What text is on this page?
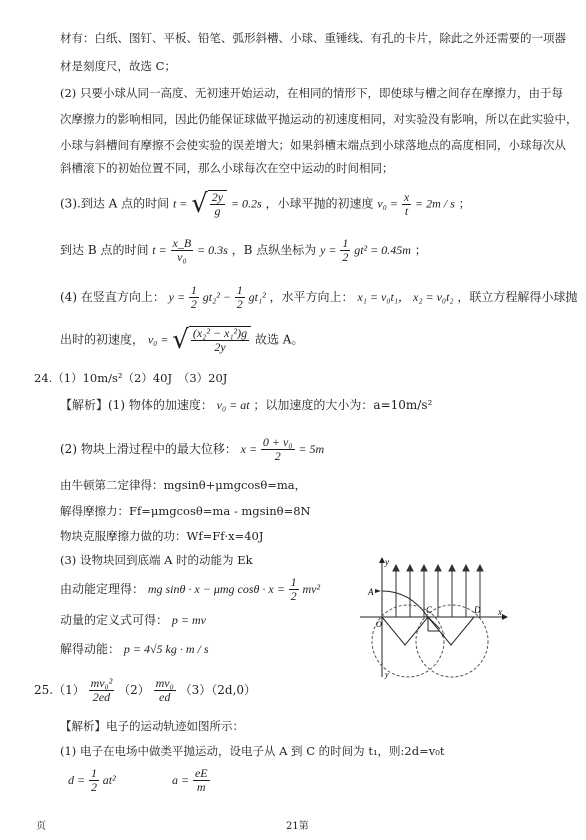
材有：白纸、图钉、平板、铅笔、弧形斜槽、小球、重锤线、有孔的卡片，除此之外还需要的一项器
材是刻度尺，故选 C；
(2) 只要小球从同一高度、无初速开始运动，在相同的情形下，即使球与槽之间存在摩擦力，由于每
次摩擦力的影响相同，因此仍能保证球做平抛运动的初速度相同，对实验没有影响，所以在此实验中，
小球与斜槽间有摩擦不会使实验的误差增大；如果斜槽末端点到小球落地点的高度相同，小球每次从
斜槽滚下的初始位置不同，那么小球每次在空中运动的时间相同；
(3).到达 A 点的时间 t = √ $\frac{2y}{g} = 0.2s$ ，小球平抛的初速度 $v_0 = \frac{x}{t} = 2m / s$ ；
到达 B 点的时间 $t = \frac{x\_B}{\text{v₀}} = 0.3s$ ，B 点纵坐标为 $y = \frac{1}{2} gt^2 = 0.45m$ ；
(4) 在竖直方向上： $y = \frac{1}{2} gt_2^2 - \frac{1}{2} gt_1^2$ ，水平方向上： x₁ = v₀t₁， x₂ = v₀t₂ ，联立方程解得小球抛
出时的初速度， v₀ = √ $\frac{\text{(x₂² − x₁²)g}}{2y}$ 故选 A。
24.（1）10m/s²（2）40J　（3）20J
【解析】(1) 物体的加速度： v₀ = at ；以加速度的大小为：a=10m/s²
(2) 物块上滑过程中的最大位移： $x = \frac{\text{0 + v₀}}{2} = 5m$
由牛顿第二定律得：mgsinθ+μmgcosθ=ma，
解得摩擦力：Ff=μmgcosθ=ma - mgsinθ=8N
物块克服摩擦力做的功：Wf=Ff·x=40J
(3) 设物块回到底端 A 时的动能为 Ek
由动能定理得： mg sinθ · x − μmg $\cos\theta \cdot x = \frac{1}{2} mv^2$
动量的定义式可得： p = mv
解得动能： p = 4√5 kg · m / s
y
y
x
A
O
C	D
v
$25.(1) \frac{\text{mv₀²}}{2ed} (2) \frac{\text{mv₀}}{ed} (3)(2d,0)$
【解析】电子的运动轨迹如图所示：
(1) 电子在电场中做类平抛运动，设电子从 A 到 C 的时间为 t₁，则:2d=v₀t
$d = \frac{1}{2} at^2$	$a = \frac{eE}{m}$
页	21第
